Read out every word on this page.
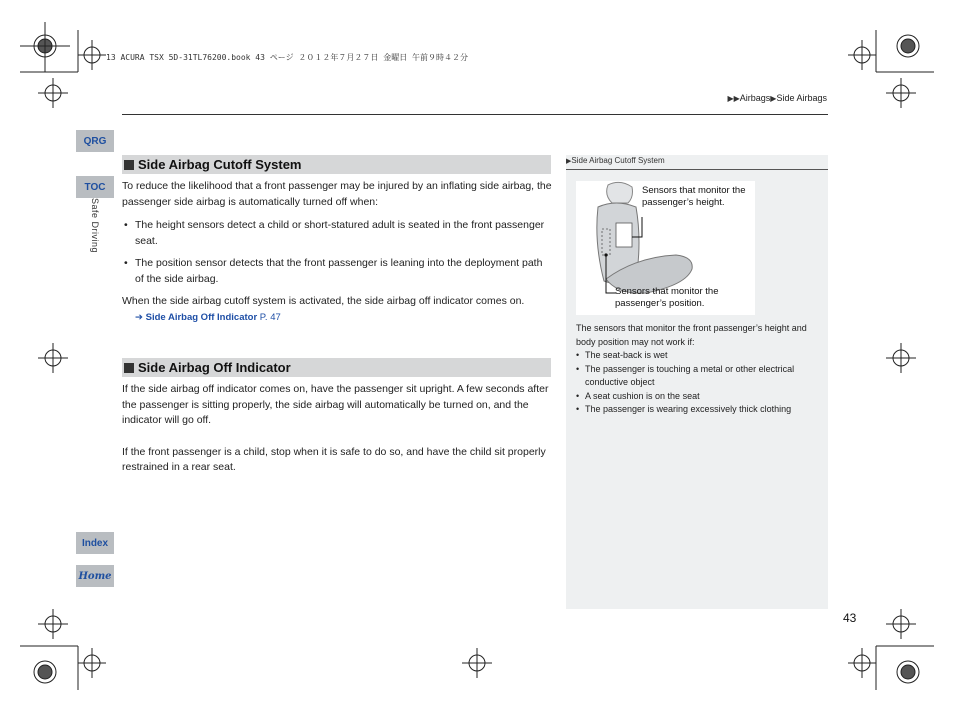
13 ACURA TSX 5D-31TL76200.book 43 ページ ２０１２年７月２７日 金曜日 午前９時４２分
▶▶Airbags▶Side Airbags
QRG
TOC
Safe Driving
Index
Home
Side Airbag Cutoff System
To reduce the likelihood that a front passenger may be injured by an inflating side airbag, the passenger side airbag is automatically turned off when:
• The height sensors detect a child or short-statured adult is seated in the front passenger seat.
• The position sensor detects that the front passenger is leaning into the deployment path of the side airbag.
When the side airbag cutoff system is activated, the side airbag off indicator comes on.
➔ Side Airbag Off Indicator P. 47
Side Airbag Off Indicator
If the side airbag off indicator comes on, have the passenger sit upright. A few seconds after the passenger is sitting properly, the side airbag will automatically be turned on, and the indicator will go off.
If the front passenger is a child, stop when it is safe to do so, and have the child sit properly restrained in a rear seat.
▶Side Airbag Cutoff System
Sensors that monitor the passenger’s height.
Sensors that monitor the passenger’s position.
The sensors that monitor the front passenger’s height and body position may not work if:
• The seat-back is wet
• The passenger is touching a metal or other electrical conductive object
• A seat cushion is on the seat
• The passenger is wearing excessively thick clothing
43
